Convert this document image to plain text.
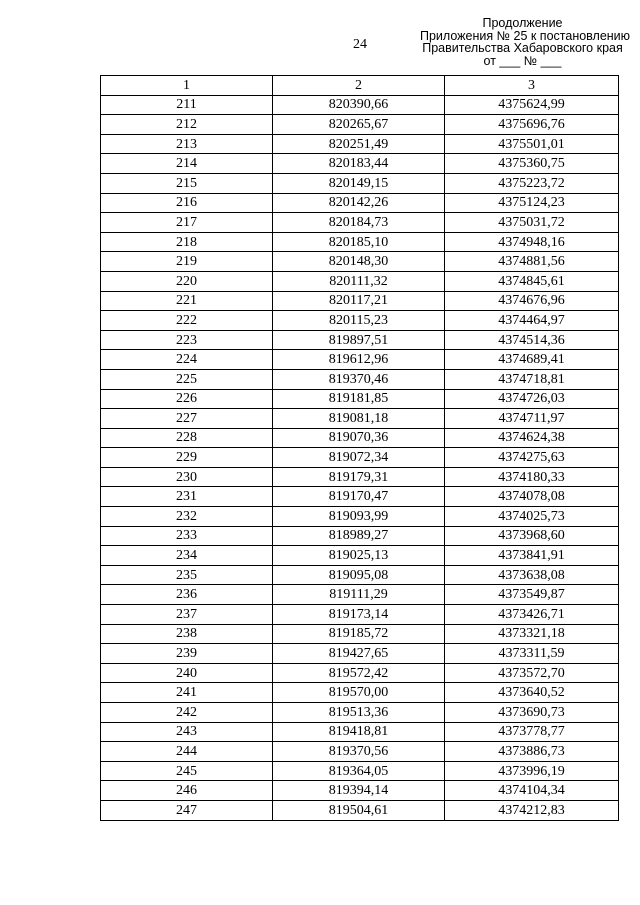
24
Продолжение
Приложения № 25 к постановлению
Правительства Хабаровского края
от ___ № ___
1	2	3
211	820390,66	4375624,99
212	820265,67	4375696,76
213	820251,49	4375501,01
214	820183,44	4375360,75
215	820149,15	4375223,72
216	820142,26	4375124,23
217	820184,73	4375031,72
218	820185,10	4374948,16
219	820148,30	4374881,56
220	820111,32	4374845,61
221	820117,21	4374676,96
222	820115,23	4374464,97
223	819897,51	4374514,36
224	819612,96	4374689,41
225	819370,46	4374718,81
226	819181,85	4374726,03
227	819081,18	4374711,97
228	819070,36	4374624,38
229	819072,34	4374275,63
230	819179,31	4374180,33
231	819170,47	4374078,08
232	819093,99	4374025,73
233	818989,27	4373968,60
234	819025,13	4373841,91
235	819095,08	4373638,08
236	819111,29	4373549,87
237	819173,14	4373426,71
238	819185,72	4373321,18
239	819427,65	4373311,59
240	819572,42	4373572,70
241	819570,00	4373640,52
242	819513,36	4373690,73
243	819418,81	4373778,77
244	819370,56	4373886,73
245	819364,05	4373996,19
246	819394,14	4374104,34
247	819504,61	4374212,83
